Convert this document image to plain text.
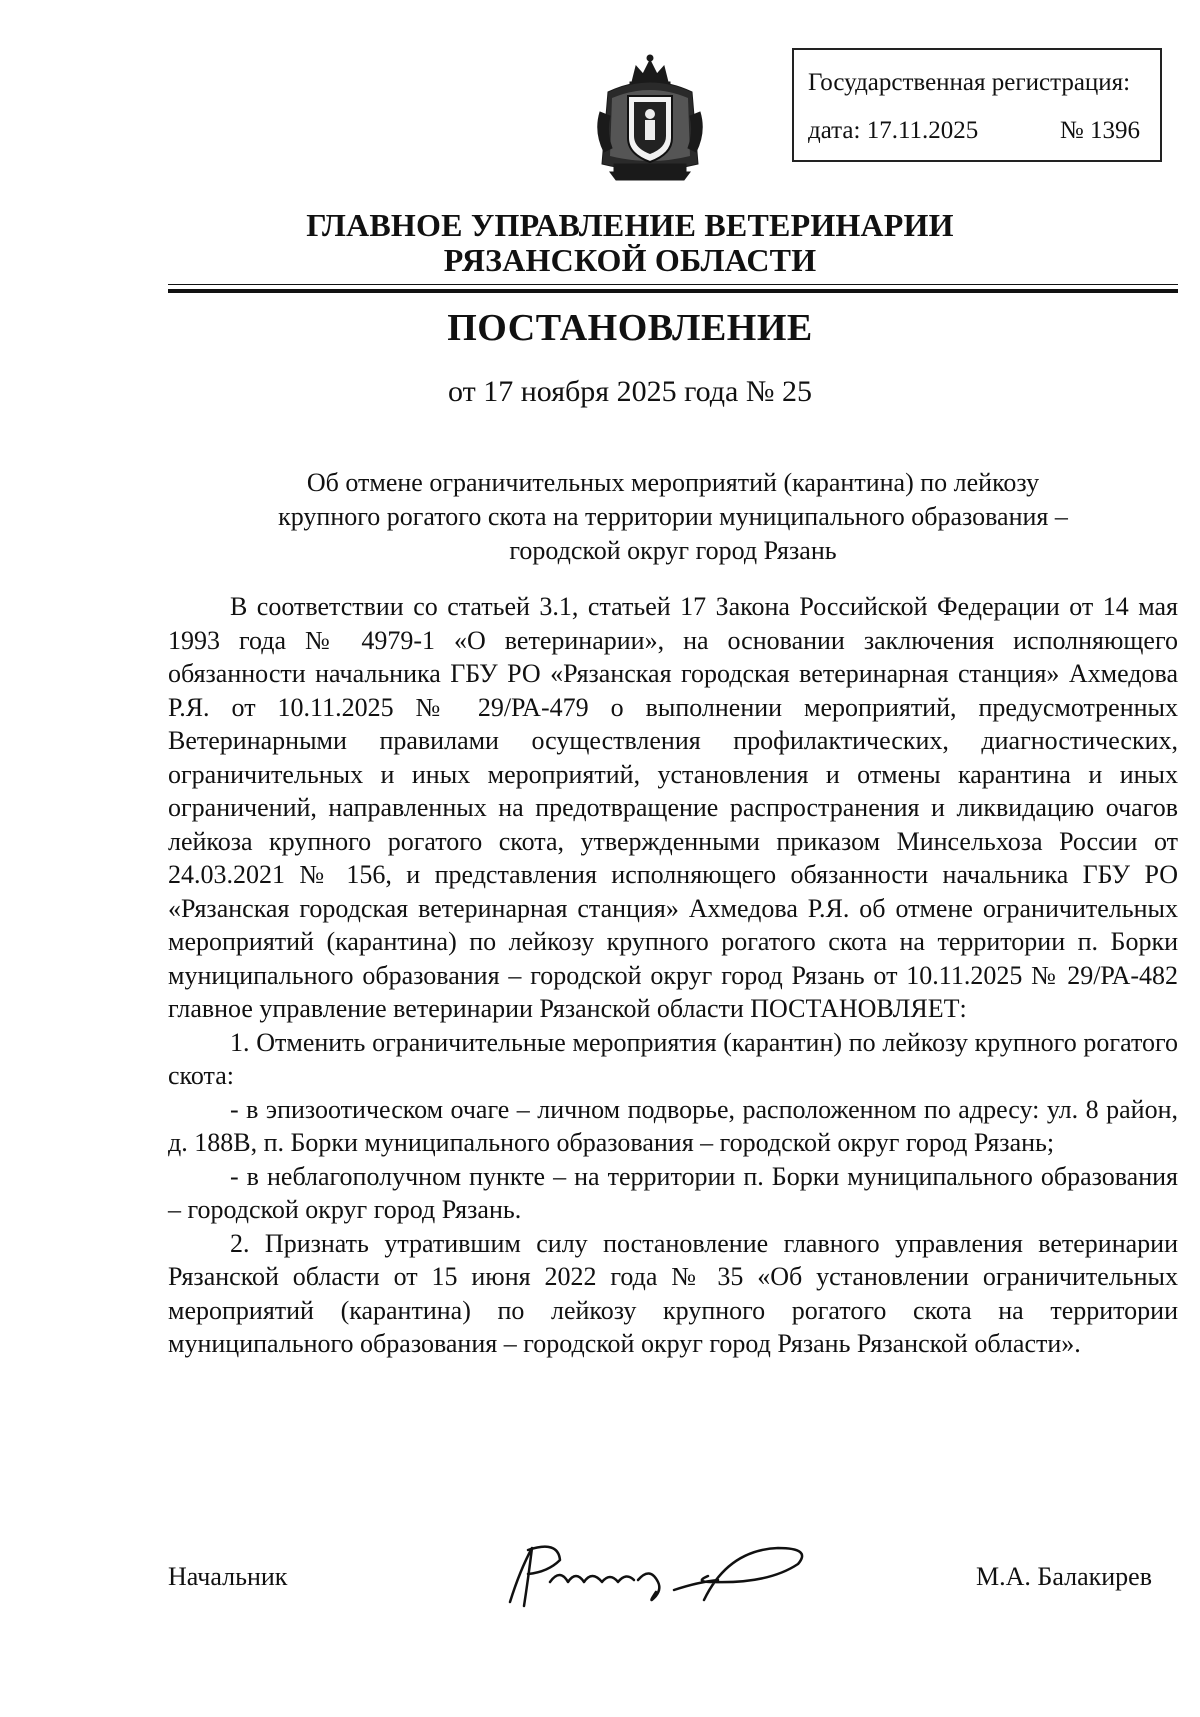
Государственная регистрация:
дата: 17.11.2025	№ 1396
ГЛАВНОЕ УПРАВЛЕНИЕ ВЕТЕРИНАРИИ
РЯЗАНСКОЙ ОБЛАСТИ
ПОСТАНОВЛЕНИЕ
от 17 ноября 2025 года № 25
Об отмене ограничительных мероприятий (карантина) по лейкозу
крупного рогатого скота на территории муниципального образования –
городской округ город Рязань

В соответствии со статьей 3.1, статьей 17 Закона Российской Федерации от 14 мая 1993 года № 4979-1 «О ветеринарии», на основании заключения исполняющего обязанности начальника ГБУ РО «Рязанская городская ветеринарная станция» Ахмедова Р.Я. от 10.11.2025 № 29/РА-479 о выполнении мероприятий, предусмотренных Ветеринарными правилами осуществления профилактических, диагностических, ограничительных и иных мероприятий, установления и отмены карантина и иных ограничений, направленных на предотвращение распространения и ликвидацию очагов лейкоза крупного рогатого скота, утвержденными приказом Минсельхоза России от 24.03.2021 № 156, и представления исполняющего обязанности начальника ГБУ РО «Рязанская городская ветеринарная станция» Ахмедова Р.Я. об отмене ограничительных мероприятий (карантина) по лейкозу крупного рогатого скота на территории п. Борки муниципального образования – городской округ город Рязань от 10.11.2025 № 29/РА-482 главное управление ветеринарии Рязанской области ПОСТАНОВЛЯЕТ:

1. Отменить ограничительные мероприятия (карантин) по лейкозу крупного рогатого скота:

- в эпизоотическом очаге – личном подворье, расположенном по адресу: ул. 8 район, д. 188В, п. Борки муниципального образования – городской округ город Рязань;

- в неблагополучном пункте – на территории п. Борки муниципального образования – городской округ город Рязань.

2. Признать утратившим силу постановление главного управления ветеринарии Рязанской области от 15 июня 2022 года № 35 «Об установлении ограничительных мероприятий (карантина) по лейкозу крупного рогатого скота на территории муниципального образования – городской округ город Рязань Рязанской области».

Начальник	М.А. Балакирев
